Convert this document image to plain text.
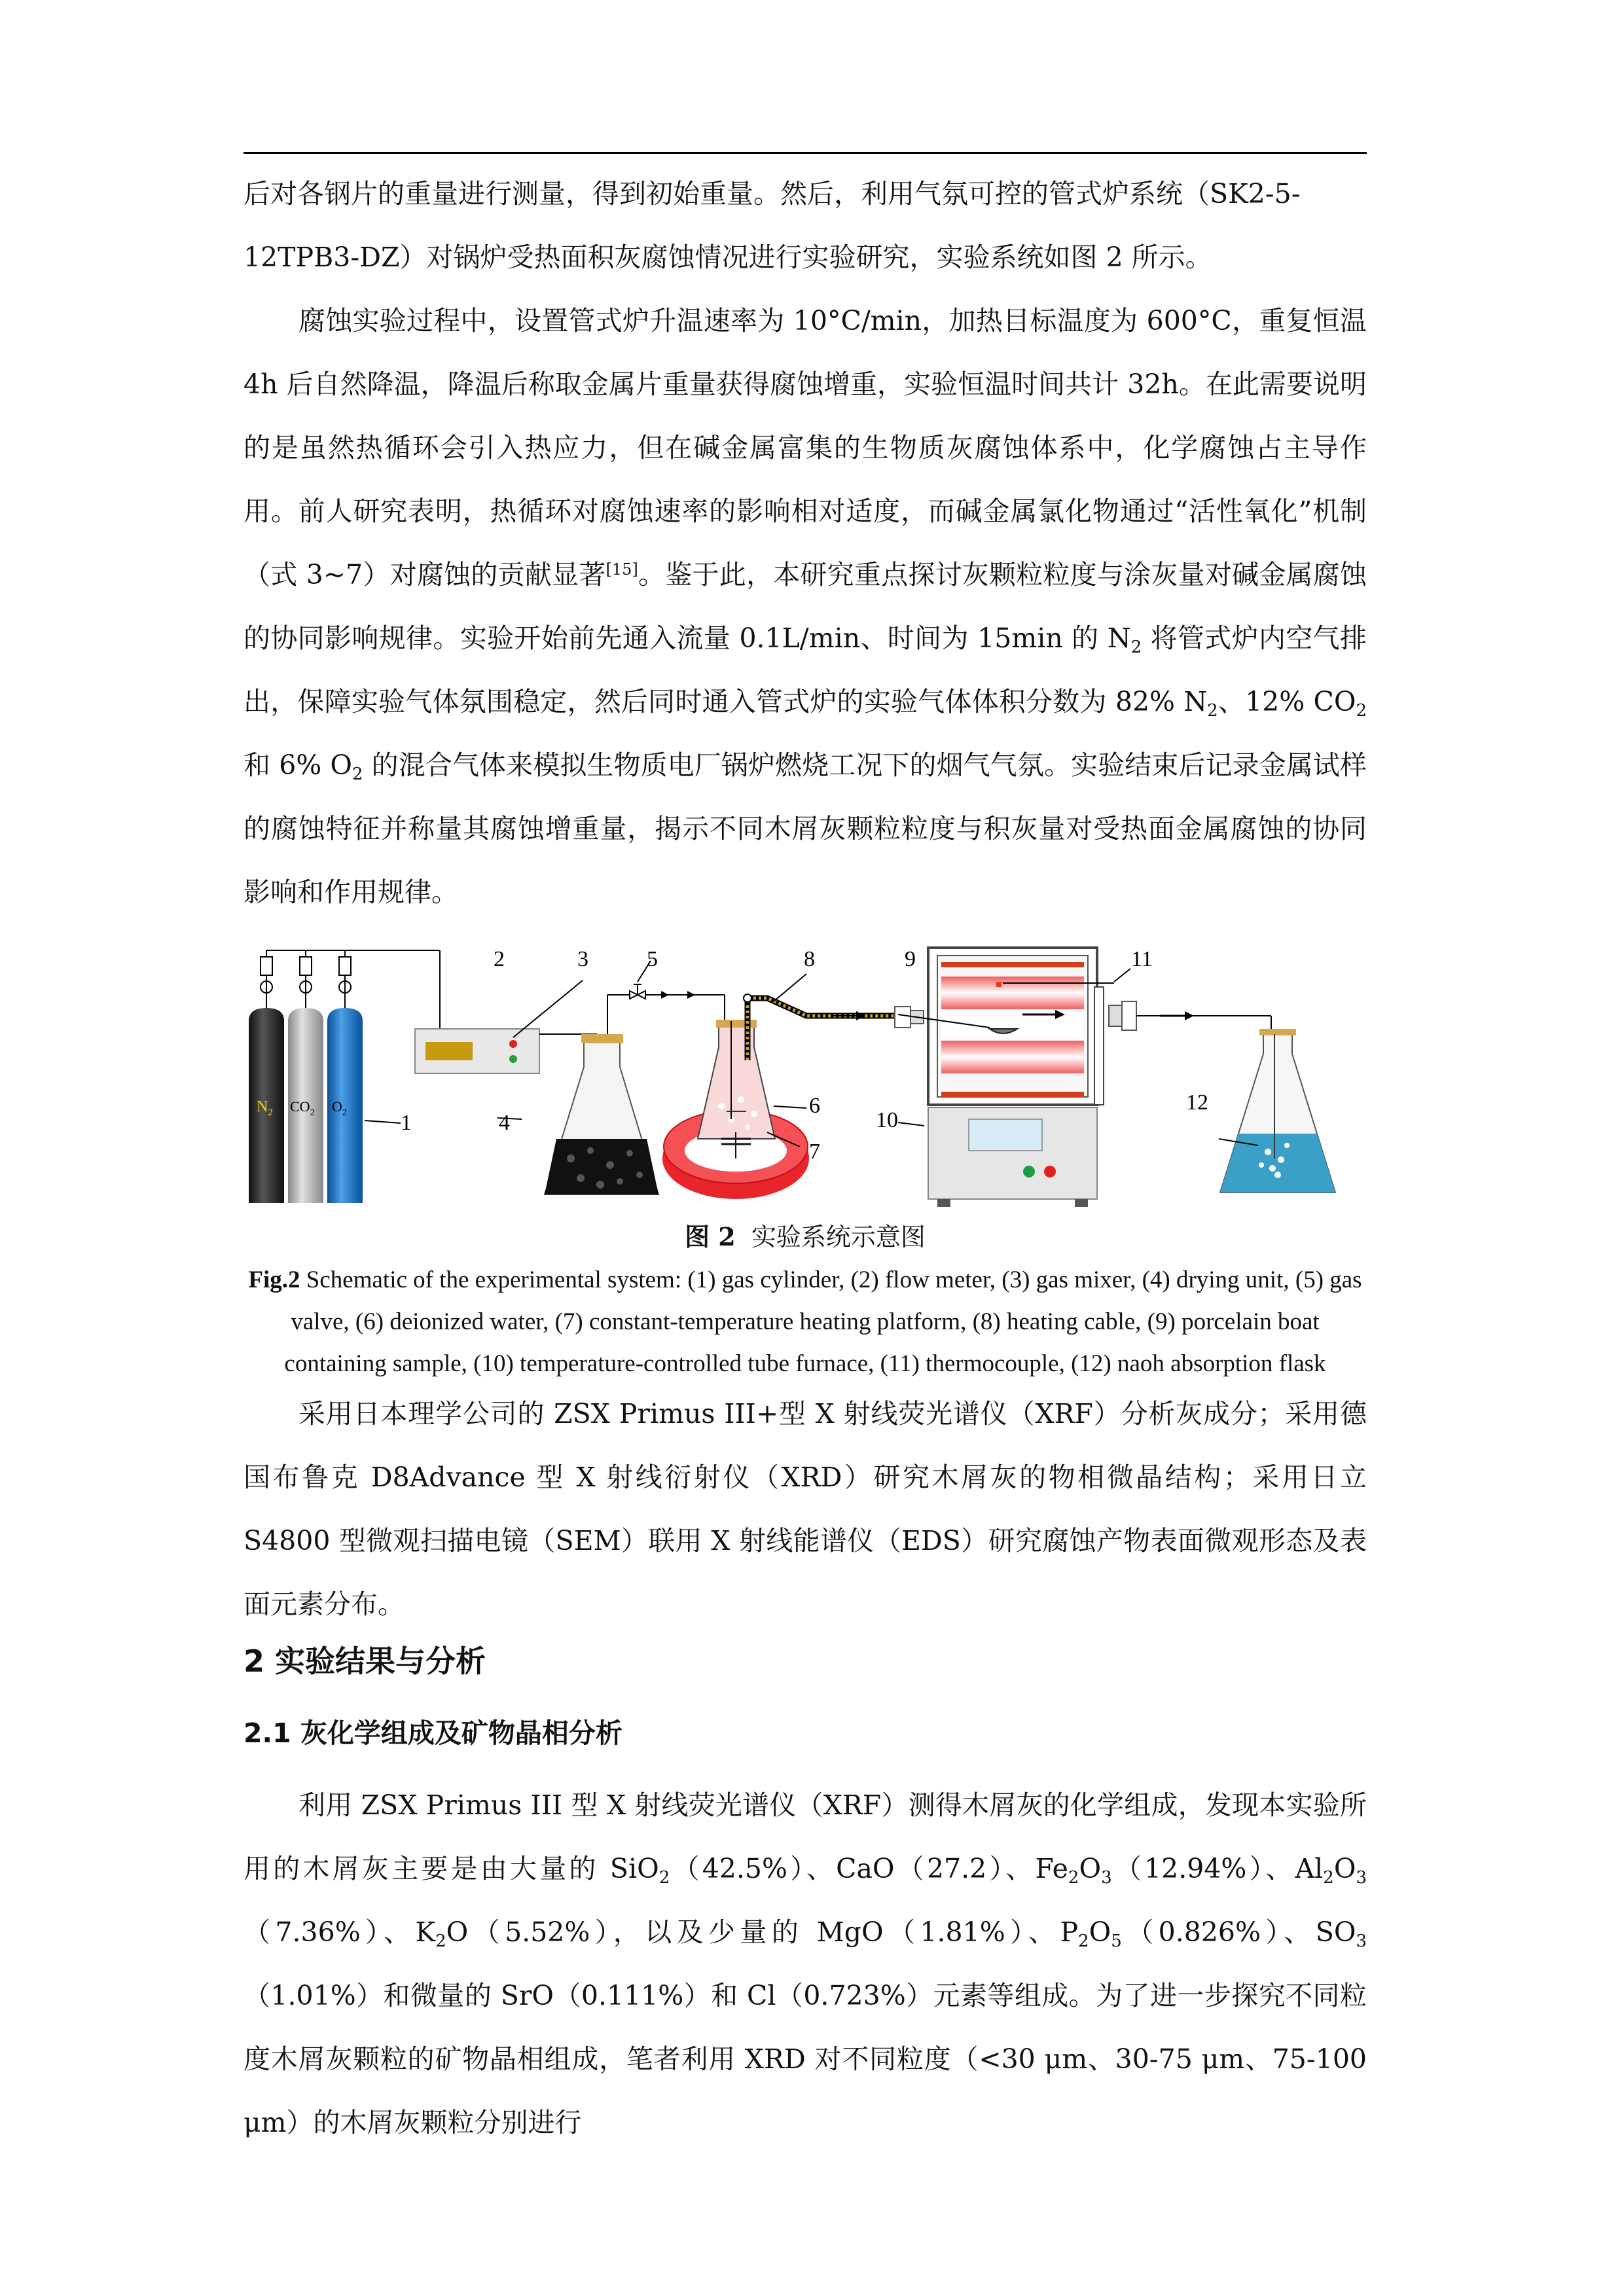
后对各钢片的重量进行测量，得到初始重量。然后，利用气氛可控的管式炉系统（SK2-5-
12TPB3-DZ）对锅炉受热面积灰腐蚀情况进行实验研究，实验系统如图 2 所示。

腐蚀实验过程中，设置管式炉升温速率为 10°C/min，加热目标温度为 600°C，重复恒温 4h 后自然降温，降温后称取金属片重量获得腐蚀增重，实验恒温时间共计 32h。在此需要说明的是虽然热循环会引入热应力，但在碱金属富集的生物质灰腐蚀体系中，化学腐蚀占主导作用。前人研究表明，热循环对腐蚀速率的影响相对适度，而碱金属氯化物通过“活性氧化”机制（式 3~7）对腐蚀的贡献显著[15]。鉴于此，本研究重点探讨灰颗粒粒度与涂灰量对碱金属腐蚀的协同影响规律。实验开始前先通入流量 0.1L/min、时间为 15min 的 $N_2$ 将管式炉内空气排出，保障实验气体氛围稳定，然后同时通入管式炉的实验气体体积分数为 82% $N_2$、12% $CO_2$ 和 6% $O_2$ 的混合气体来模拟生物质电厂锅炉燃烧工况下的烟气气氛。实验结束后记录金属试样的腐蚀特征并称量其腐蚀增重量，揭示不同木屑灰颗粒粒度与积灰量对受热面金属腐蚀的协同影响和作用规律。

$N_2$ $CO_2$ $O_2$ 1
2	3
4
5
6
7
8	9
10
11
12
图 2 实验系统示意图
Fig.2 Schematic of the experimental system: (1) gas cylinder, (2) flow meter, (3) gas mixer, (4) drying unit, (5) gas valve, (6) deionized water, (7) constant-temperature heating platform, (8) heating cable, (9) porcelain boat containing sample, (10) temperature-controlled tube furnace, (11) thermocouple, (12) naoh absorption flask

采用日本理学公司的 ZSX Primus III+型 X 射线荧光谱仪（XRF）分析灰成分；采用德国布鲁克 D8Advance 型 X 射线衍射仪（XRD）研究木屑灰的物相微晶结构；采用日立 S4800 型微观扫描电镜（SEM）联用 X 射线能谱仪（EDS）研究腐蚀产物表面微观形态及表面元素分布。

2 实验结果与分析
2.1 灰化学组成及矿物晶相分析

利用 ZSX Primus III 型 X 射线荧光谱仪（XRF）测得木屑灰的化学组成，发现本实验所用的木屑灰主要是由大量的 SiO$_2$（42.5%）、CaO（27.2）、$Fe_2O_3(12.94\%)$、$Al_2O_3(7.36\%)$、$K_2O(5.52\%)$，以及少量的 MgO（1.81%）、$P_2O_5(0.826\%)$、$SO_3(1.01\%)$和微量的 SrO（0.111%）和 Cl（0.723%）元素等组成。为了进一步探究不同粒度木屑灰颗粒的矿物晶相组成，笔者利用 XRD 对不同粒度（<30 μm、30-75 μm、75-100 μm）的木屑灰颗粒分别进行
